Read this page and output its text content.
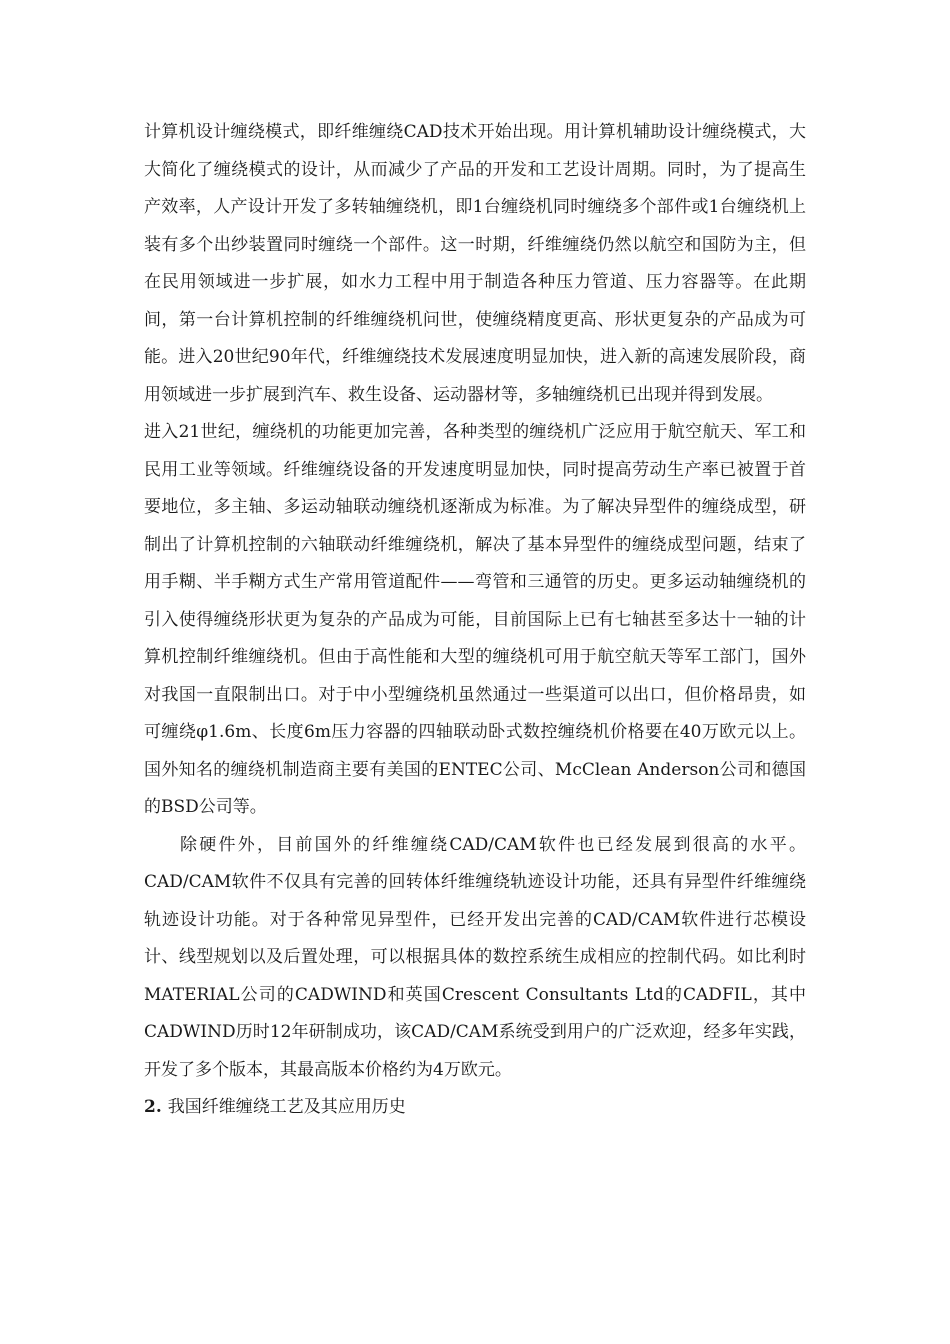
计算机设计缠绕模式，即纤维缠绕CAD技术开始出现。用计算机辅助设计缠绕模式，大大简化了缠绕模式的设计，从而减少了产品的开发和工艺设计周期。同时，为了提高生产效率，人产设计开发了多转轴缠绕机，即1台缠绕机同时缠绕多个部件或1台缠绕机上装有多个出纱装置同时缠绕一个部件。这一时期，纤维缠绕仍然以航空和国防为主，但在民用领域进一步扩展，如水力工程中用于制造各种压力管道、压力容器等。在此期间，第一台计算机控制的纤维缠绕机问世，使缠绕精度更高、形状更复杂的产品成为可能。进入20世纪90年代，纤维缠绕技术发展速度明显加快，进入新的高速发展阶段，商用领域进一步扩展到汽车、救生设备、运动器材等，多轴缠绕机已出现并得到发展。

进入21世纪，缠绕机的功能更加完善，各种类型的缠绕机广泛应用于航空航天、军工和民用工业等领域。纤维缠绕设备的开发速度明显加快，同时提高劳动生产率已被置于首要地位，多主轴、多运动轴联动缠绕机逐渐成为标准。为了解决异型件的缠绕成型，研制出了计算机控制的六轴联动纤维缠绕机，解决了基本异型件的缠绕成型问题，结束了用手糊、半手糊方式生产常用管道配件——弯管和三通管的历史。更多运动轴缠绕机的引入使得缠绕形状更为复杂的产品成为可能，目前国际上已有七轴甚至多达十一轴的计算机控制纤维缠绕机。但由于高性能和大型的缠绕机可用于航空航天等军工部门，国外对我国一直限制出口。对于中小型缠绕机虽然通过一些渠道可以出口，但价格昂贵，如可缠绕φ1.6m、长度6m压力容器的四轴联动卧式数控缠绕机价格要在40万欧元以上。国外知名的缠绕机制造商主要有美国的ENTEC公司、McClean Anderson公司和德国的BSD公司等。

除硬件外，目前国外的纤维缠绕CAD/CAM软件也已经发展到很高的水平。CAD/CAM软件不仅具有完善的回转体纤维缠绕轨迹设计功能，还具有异型件纤维缠绕轨迹设计功能。对于各种常见异型件，已经开发出完善的CAD/CAM软件进行芯模设计、线型规划以及后置处理，可以根据具体的数控系统生成相应的控制代码。如比利时MATERIAL公司的CADWIND和英国Crescent Consultants Ltd的CADFIL，其中CADWIND历时12年研制成功，该CAD/CAM系统受到用户的广泛欢迎，经多年实践，开发了多个版本，其最高版本价格约为4万欧元。

2. 我国纤维缠绕工艺及其应用历史
